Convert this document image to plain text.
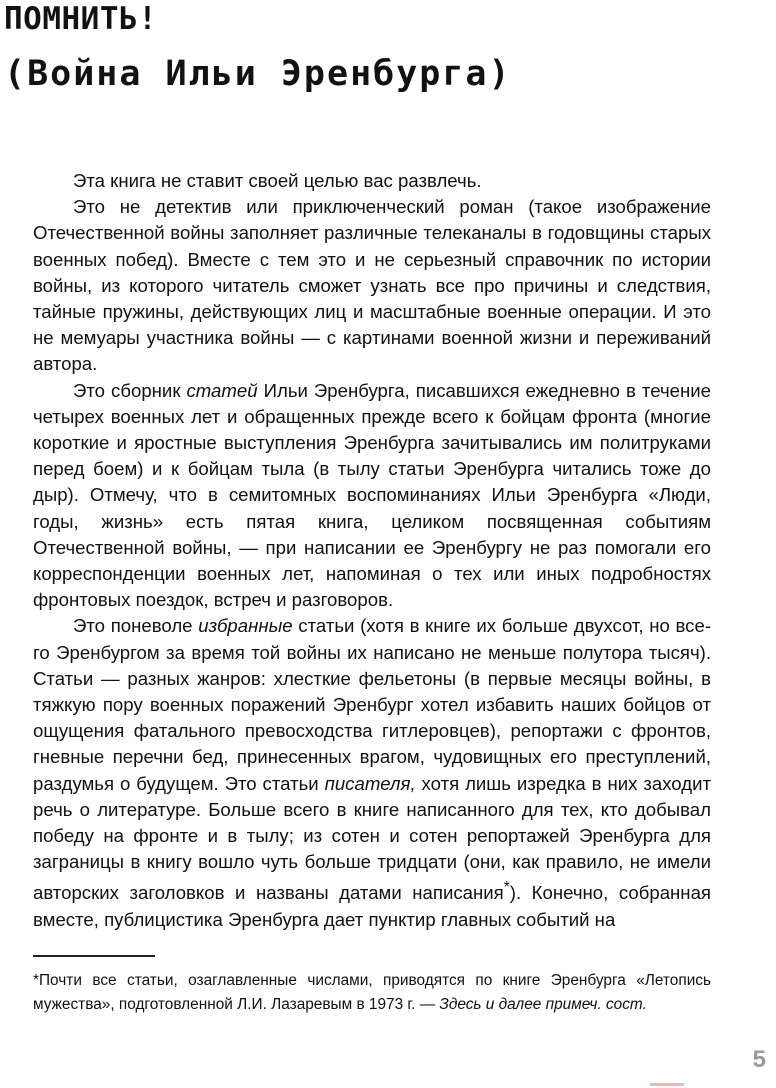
ПОМНИТЬ!
(Война Ильи Эренбурга)

Эта книга не ставит своей целью вас развлечь.

Это не детектив или приключенческий роман (такое изображение Отечественной войны заполняет различные телеканалы в годовщины старых военных побед). Вместе с тем это и не серьезный справочник по истории войны, из которого читатель сможет узнать все про причины и следствия, тайные пружины, действующих лиц и масштабные военные операции. И это не мемуары участника войны — с картинами военной жизни и переживаний автора.

Это сборник статей Ильи Эренбурга, писавшихся ежедневно в течение четырех военных лет и обращенных прежде всего к бойцам фронта (многие короткие и яростные выступления Эренбурга зачитывались им политруками перед боем) и к бойцам тыла (в тылу статьи Эренбурга читались тоже до дыр). Отмечу, что в семитомных воспоминаниях Ильи Эренбурга «Люди, годы, жизнь» есть пятая книга, целиком посвященная событиям Отечественной войны, — при написании ее Эренбургу не раз помогали его корреспонденции военных лет, напоминая о тех или иных подробностях фронтовых поездок, встреч и разговоров.

Это поневоле избранные статьи (хотя в книге их больше двухсот, но всего Эренбургом за время той войны их написано не меньше полутора тысяч). Статьи — разных жанров: хлесткие фельетоны (в первые месяцы войны, в тяжкую пору военных поражений Эренбург хотел избавить наших бойцов от ощущения фатального превосходства гитлеровцев), репортажи с фронтов, гневные перечни бед, принесенных врагом, чудовищных его преступлений, раздумья о будущем. Это статьи писателя, хотя лишь изредка в них заходит речь о литературе. Больше всего в книге написанного для тех, кто добывал победу на фронте и в тылу; из сотен и сотен репортажей Эренбурга для заграницы в книгу вошло чуть больше тридцати (они, как правило, не имели авторских заголовков и названы датами написания*). Конечно, собранная вместе, публицистика Эренбурга дает пунктир главных событий на

*Почти все статьи, озаглавленные числами, приводятся по книге Эренбурга «Летопись мужества», подготовленной Л.И. Лазаревым в 1973 г. — Здесь и далее примеч. сост.

5
